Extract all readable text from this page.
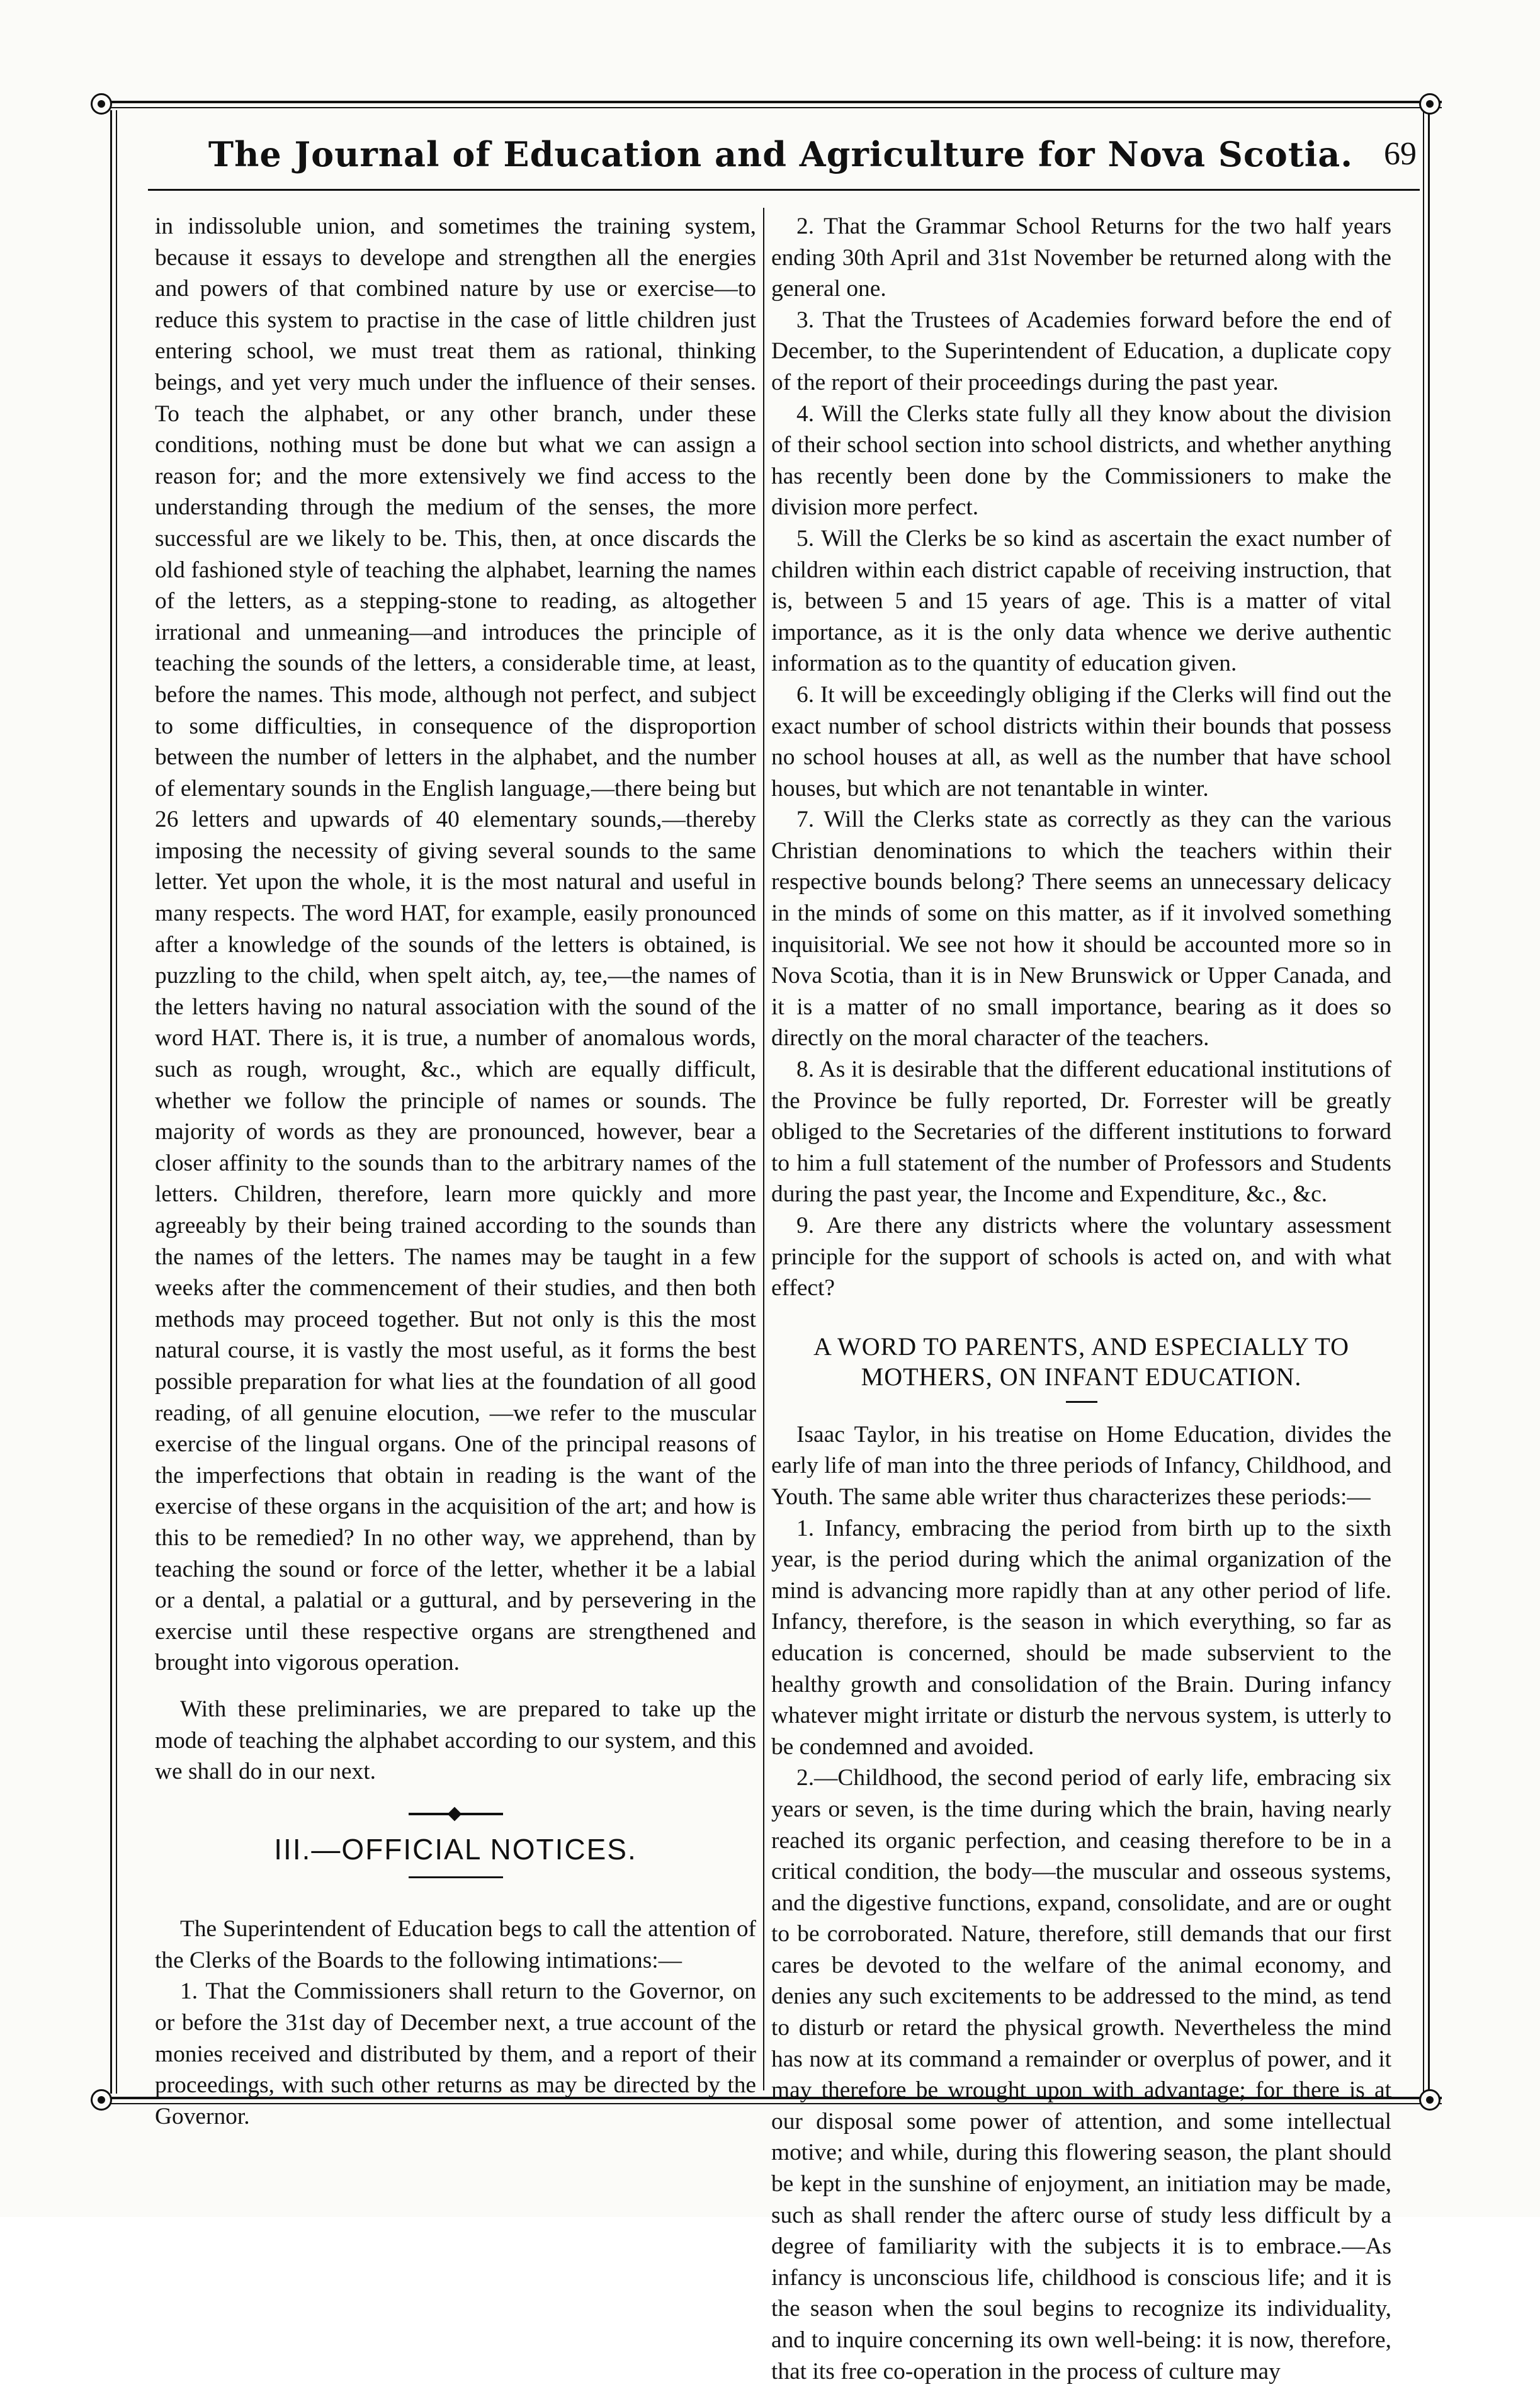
The Journal of Education and Agriculture for Nova Scotia. 69

in indissoluble union, and sometimes the training system, because it essays to develope and strengthen all the energies and powers of that combined nature by use or exercise—to reduce this system to practise in the case of little children just entering school, we must treat them as rational, thinking beings, and yet very much under the influence of their senses. To teach the alphabet, or any other branch, under these conditions, nothing must be done but what we can assign a reason for; and the more extensively we find access to the understanding through the medium of the senses, the more successful are we likely to be. This, then, at once discards the old fashioned style of teaching the alphabet, learning the names of the letters, as a stepping-stone to reading, as altogether irrational and unmeaning—and introduces the principle of teaching the sounds of the letters, a considerable time, at least, before the names. This mode, although not perfect, and subject to some difficulties, in consequence of the disproportion between the number of letters in the alphabet, and the number of elementary sounds in the English language,—there being but 26 letters and upwards of 40 elementary sounds,—thereby imposing the necessity of giving several sounds to the same letter. Yet upon the whole, it is the most natural and useful in many respects. The word HAT, for example, easily pronounced after a knowledge of the sounds of the letters is obtained, is puzzling to the child, when spelt aitch, ay, tee,—the names of the letters having no natural association with the sound of the word HAT. There is, it is true, a number of anomalous words, such as rough, wrought, &c., which are equally difficult, whether we follow the principle of names or sounds. The majority of words as they are pronounced, however, bear a closer affinity to the sounds than to the arbitrary names of the letters. Children, therefore, learn more quickly and more agreeably by their being trained according to the sounds than the names of the letters. The names may be taught in a few weeks after the commencement of their studies, and then both methods may proceed together. But not only is this the most natural course, it is vastly the most useful, as it forms the best possible preparation for what lies at the foundation of all good reading, of all genuine elocution, —we refer to the muscular exercise of the lingual organs. One of the principal reasons of the imperfections that obtain in reading is the want of the exercise of these organs in the acquisition of the art; and how is this to be remedied? In no other way, we apprehend, than by teaching the sound or force of the letter, whether it be a labial or a dental, a palatial or a guttural, and by persevering in the exercise until these respective organs are strengthened and brought into vigorous operation.

With these preliminaries, we are prepared to take up the mode of teaching the alphabet according to our system, and this we shall do in our next.

III.—OFFICIAL NOTICES.

The Superintendent of Education begs to call the attention of the Clerks of the Boards to the following intimations:—

1. That the Commissioners shall return to the Governor, on or before the 31st day of December next, a true account of the monies received and distributed by them, and a report of their proceedings, with such other returns as may be directed by the Governor.

2. That the Grammar School Returns for the two half years ending 30th April and 31st November be returned along with the general one.

3. That the Trustees of Academies forward before the end of December, to the Superintendent of Education, a duplicate copy of the report of their proceedings during the past year.

4. Will the Clerks state fully all they know about the division of their school section into school districts, and whether anything has recently been done by the Commissioners to make the division more perfect.

5. Will the Clerks be so kind as ascertain the exact number of children within each district capable of receiving instruction, that is, between 5 and 15 years of age. This is a matter of vital importance, as it is the only data whence we derive authentic information as to the quantity of education given.

6. It will be exceedingly obliging if the Clerks will find out the exact number of school districts within their bounds that possess no school houses at all, as well as the number that have school houses, but which are not tenantable in winter.

7. Will the Clerks state as correctly as they can the various Christian denominations to which the teachers within their respective bounds belong? There seems an unnecessary delicacy in the minds of some on this matter, as if it involved something inquisitorial. We see not how it should be accounted more so in Nova Scotia, than it is in New Brunswick or Upper Canada, and it is a matter of no small importance, bearing as it does so directly on the moral character of the teachers.

8. As it is desirable that the different educational institutions of the Province be fully reported, Dr. Forrester will be greatly obliged to the Secretaries of the different institutions to forward to him a full statement of the number of Professors and Students during the past year, the Income and Expenditure, &c., &c.

9. Are there any districts where the voluntary assessment principle for the support of schools is acted on, and with what effect?

A WORD TO PARENTS, AND ESPECIALLY TO MOTHERS, ON INFANT EDUCATION.

Isaac Taylor, in his treatise on Home Education, divides the early life of man into the three periods of Infancy, Childhood, and Youth. The same able writer thus characterizes these periods:—

1. Infancy, embracing the period from birth up to the sixth year, is the period during which the animal organization of the mind is advancing more rapidly than at any other period of life. Infancy, therefore, is the season in which everything, so far as education is concerned, should be made subservient to the healthy growth and consolidation of the Brain. During infancy whatever might irritate or disturb the nervous system, is utterly to be condemned and avoided.

2.—Childhood, the second period of early life, embracing six years or seven, is the time during which the brain, having nearly reached its organic perfection, and ceasing therefore to be in a critical condition, the body—the muscular and osseous systems, and the digestive functions, expand, consolidate, and are or ought to be corroborated. Nature, therefore, still demands that our first cares be devoted to the welfare of the animal economy, and denies any such excitements to be addressed to the mind, as tend to disturb or retard the physical growth. Nevertheless the mind has now at its command a remainder or overplus of power, and it may therefore be wrought upon with advantage; for there is at our disposal some power of attention, and some intellectual motive; and while, during this flowering season, the plant should be kept in the sunshine of enjoyment, an initiation may be made, such as shall render the afterc ourse of study less difficult by a degree of familiarity with the subjects it is to embrace.—As infancy is unconscious life, childhood is conscious life; and it is the season when the soul begins to recognize its individuality, and to inquire concerning its own well-being: it is now, therefore, that its free co-operation in the process of culture may
